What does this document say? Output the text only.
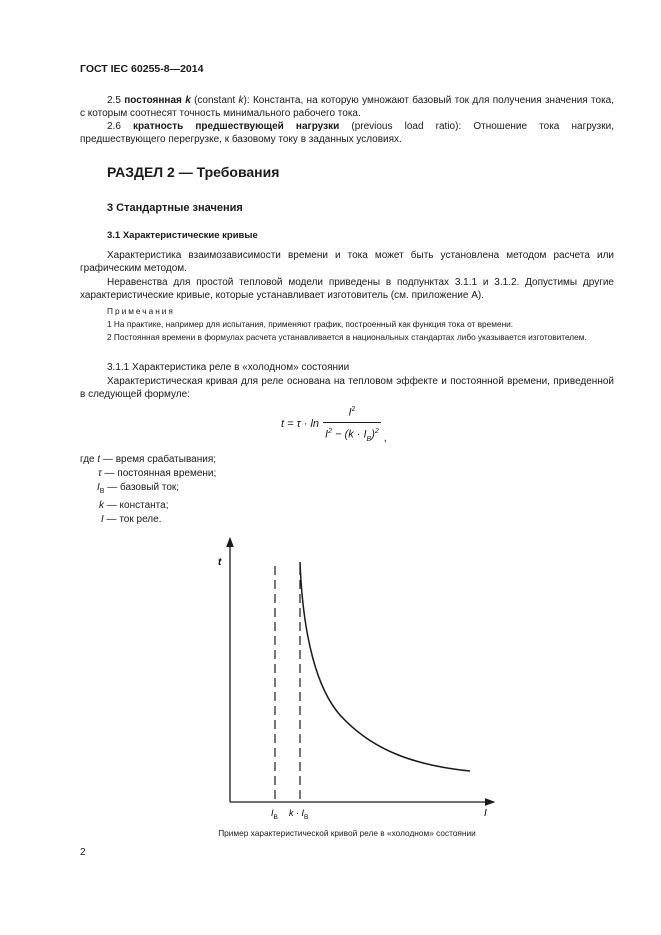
ГОСТ IEC 60255-8—2014
2.5 постоянная k (constant k): Константа, на которую умножают базовый ток для получения значения тока, с которым соотнесят точность минимального рабочего тока.
2.6 кратность предшествующей нагрузки (previous load ratio): Отношение тока нагрузки, предшествующего перегрузке, к базовому току в заданных условиях.
РАЗДЕЛ 2 — Требования
3 Стандартные значения
3.1 Характеристические кривые
Характеристика взаимозависимости времени и тока может быть установлена методом расчета или графическим методом.
Неравенства для простой тепловой модели приведены в подпунктах 3.1.1 и 3.1.2. Допустимы другие характеристические кривые, которые устанавливает изготовитель (см. приложение А).
Примечания
1 На практике, например для испытания, применяют график, построенный как функция тока от времени.
2 Постоянная времени в формулах расчета устанавливается в национальных стандартах либо указывается изготовителем.
3.1.1 Характеристика реле в «холодном» состоянии
Характеристическая кривая для реле основана на тепловом эффекте и постоянной времени, приведенной в следующей формуле:
t = τ · ln	$I^2$	,
$I^2 - (k \cdot I_B)^2$
где t — время срабатывания;
τ — постоянная времени;
$I_B$ — базовый ток;
k — константа;
I — ток реле.
t
I
$I_B$ $k \cdot I_B$
Пример характеристической кривой реле в «холодном» состоянии
2
